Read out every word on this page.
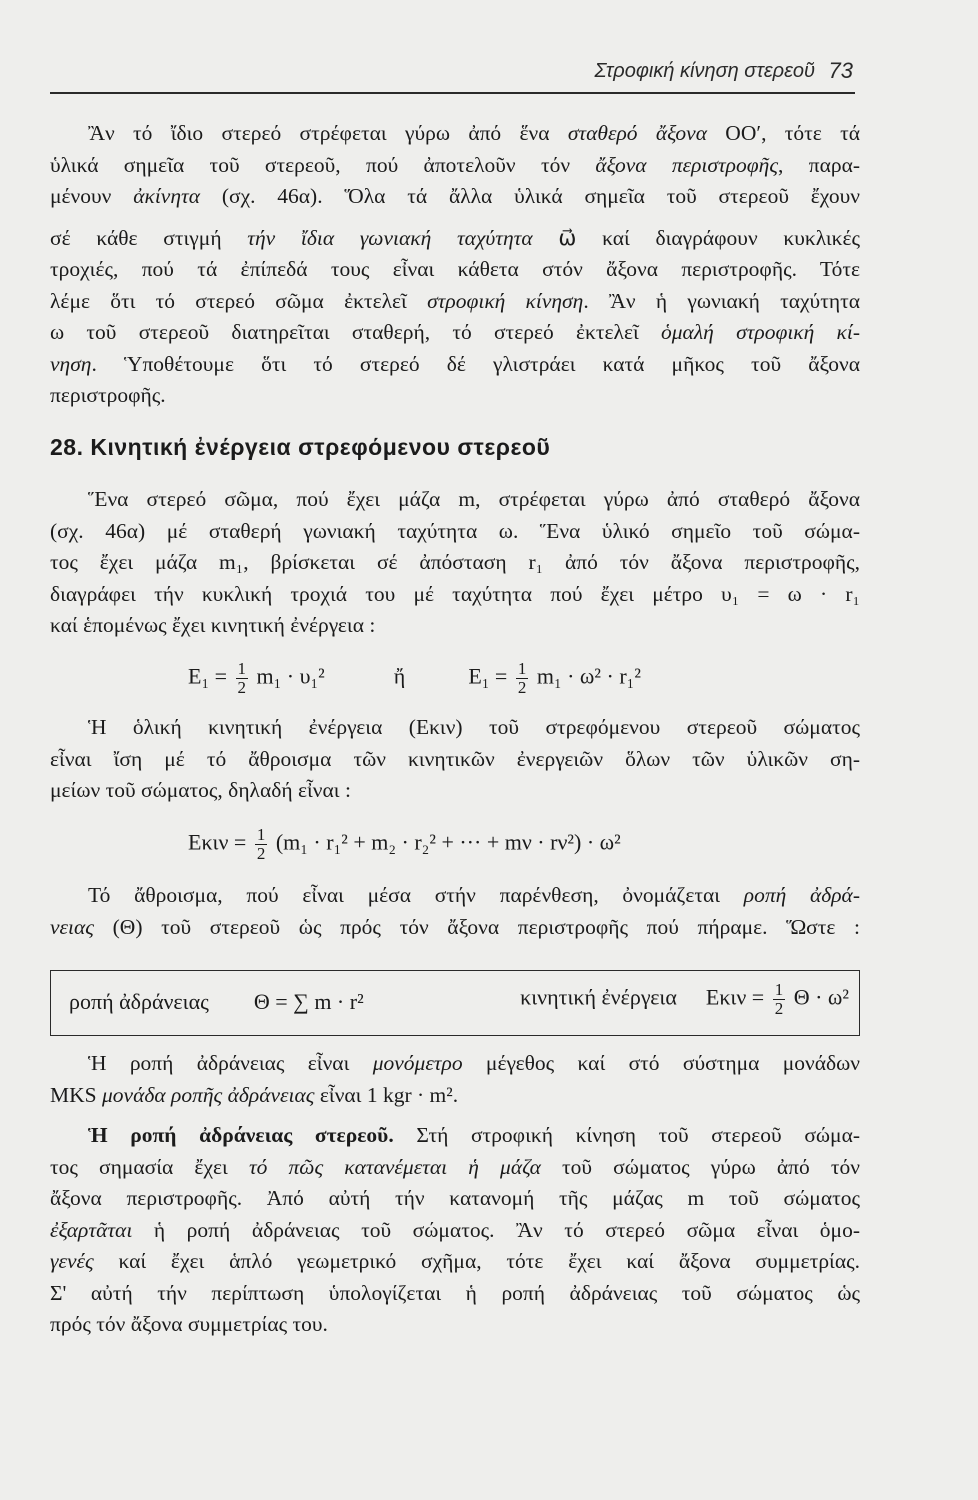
Στροφική κίνηση στερεοῦ 73
Ἂν τό ἴδιο στερεό στρέφεται γύρω ἀπό ἕνα σταθερό ἄξονα ΟΟ′, τότε τά
ὑλικά σημεῖα τοῦ στερεοῦ, πού ἀποτελοῦν τόν ἄξονα περιστροφῆς, παρα-
μένουν ἀκίνητα (σχ. 46α). Ὅλα τά ἄλλα ὑλικά σημεῖα τοῦ στερεοῦ ἔχουν
σέ κάθε στιγμή τήν ἴδια γωνιακή ταχύτητα ω⃗ καί διαγράφουν κυκλικές
τροχιές, πού τά ἐπίπεδά τους εἶναι κάθετα στόν ἄξονα περιστροφῆς. Τότε
λέμε ὅτι τό στερεό σῶμα ἐκτελεῖ στροφική κίνηση. Ἂν ἡ γωνιακή ταχύτητα
ω τοῦ στερεοῦ διατηρεῖται σταθερή, τό στερεό ἐκτελεῖ ὁμαλή στροφική κί-
νηση. Ὑποθέτουμε ὅτι τό στερεό δέ γλιστράει κατά μῆκος τοῦ ἄξονα
περιστροφῆς.
28. Κινητική ἐνέργεια στρεφόμενου στερεοῦ
Ἕνα στερεό σῶμα, πού ἔχει μάζα m, στρέφεται γύρω ἀπό σταθερό ἄξονα
(σχ. 46α) μέ σταθερή γωνιακή ταχύτητα ω. Ἕνα ὑλικό σημεῖο τοῦ σώμα-
τος ἔχει μάζα m₁, βρίσκεται σέ ἀπόσταση r₁ ἀπό τόν ἄξονα περιστροφῆς,
διαγράφει τήν κυκλική τροχιά του μέ ταχύτητα πού ἔχει μέτρο υ₁ = ω · r₁
καί ἑπομένως ἔχει κινητική ἐνέργεια :
$E_1 = \frac{1}{2} m_1 \cdot \upsilon_1^2$	ἤ	$E_1 = \frac{1}{2} m_1 \cdot \omega^2 \cdot r_1^2$
Ἡ ὁλική κινητική ἐνέργεια (Eκιν) τοῦ στρεφόμενου στερεοῦ σώματος
εἶναι ἴση μέ τό ἄθροισμα τῶν κινητικῶν ἐνεργειῶν ὅλων τῶν ὑλικῶν ση-
μείων τοῦ σώματος, δηλαδή εἶναι :
$E\kappa\iota\nu = \frac{1}{2} (m_1 \cdot r_1^2 + m_2 \cdot r_2^2$ + ··· + mν · rν²) · ω²
Τό ἄθροισμα, πού εἶναι μέσα στήν παρένθεση, ὀνομάζεται ροπή ἀδρά-
νειας (Θ) τοῦ στερεοῦ ὡς πρός τόν ἄξονα περιστροφῆς πού πήραμε. Ὥστε :
ροπή ἀδράνειας Θ = ∑ m · r²	κινητική ἐνέργεια $E\kappa\iota\nu = \frac{1}{2}$ Θ · ω²
Ἡ ροπή ἀδράνειας εἶναι μονόμετρο μέγεθος καί στό σύστημα μονάδων
MKS μονάδα ροπῆς ἀδράνειας εἶναι 1 kgr · m².
Ἡ ροπή ἀδράνειας στερεοῦ. Στή στροφική κίνηση τοῦ στερεοῦ σώμα-
τος σημασία ἔχει τό πῶς κατανέμεται ἡ μάζα τοῦ σώματος γύρω ἀπό τόν
ἄξονα περιστροφῆς. Ἀπό αὐτή τήν κατανομή τῆς μάζας m τοῦ σώματος
ἐξαρτᾶται ἡ ροπή ἀδράνειας τοῦ σώματος. Ἂν τό στερεό σῶμα εἶναι ὁμο-
γενές καί ἔχει ἁπλό γεωμετρικό σχῆμα, τότε ἔχει καί ἄξονα συμμετρίας.
Σ' αὐτή τήν περίπτωση ὑπολογίζεται ἡ ροπή ἀδράνειας τοῦ σώματος ὡς
πρός τόν ἄξονα συμμετρίας του.
